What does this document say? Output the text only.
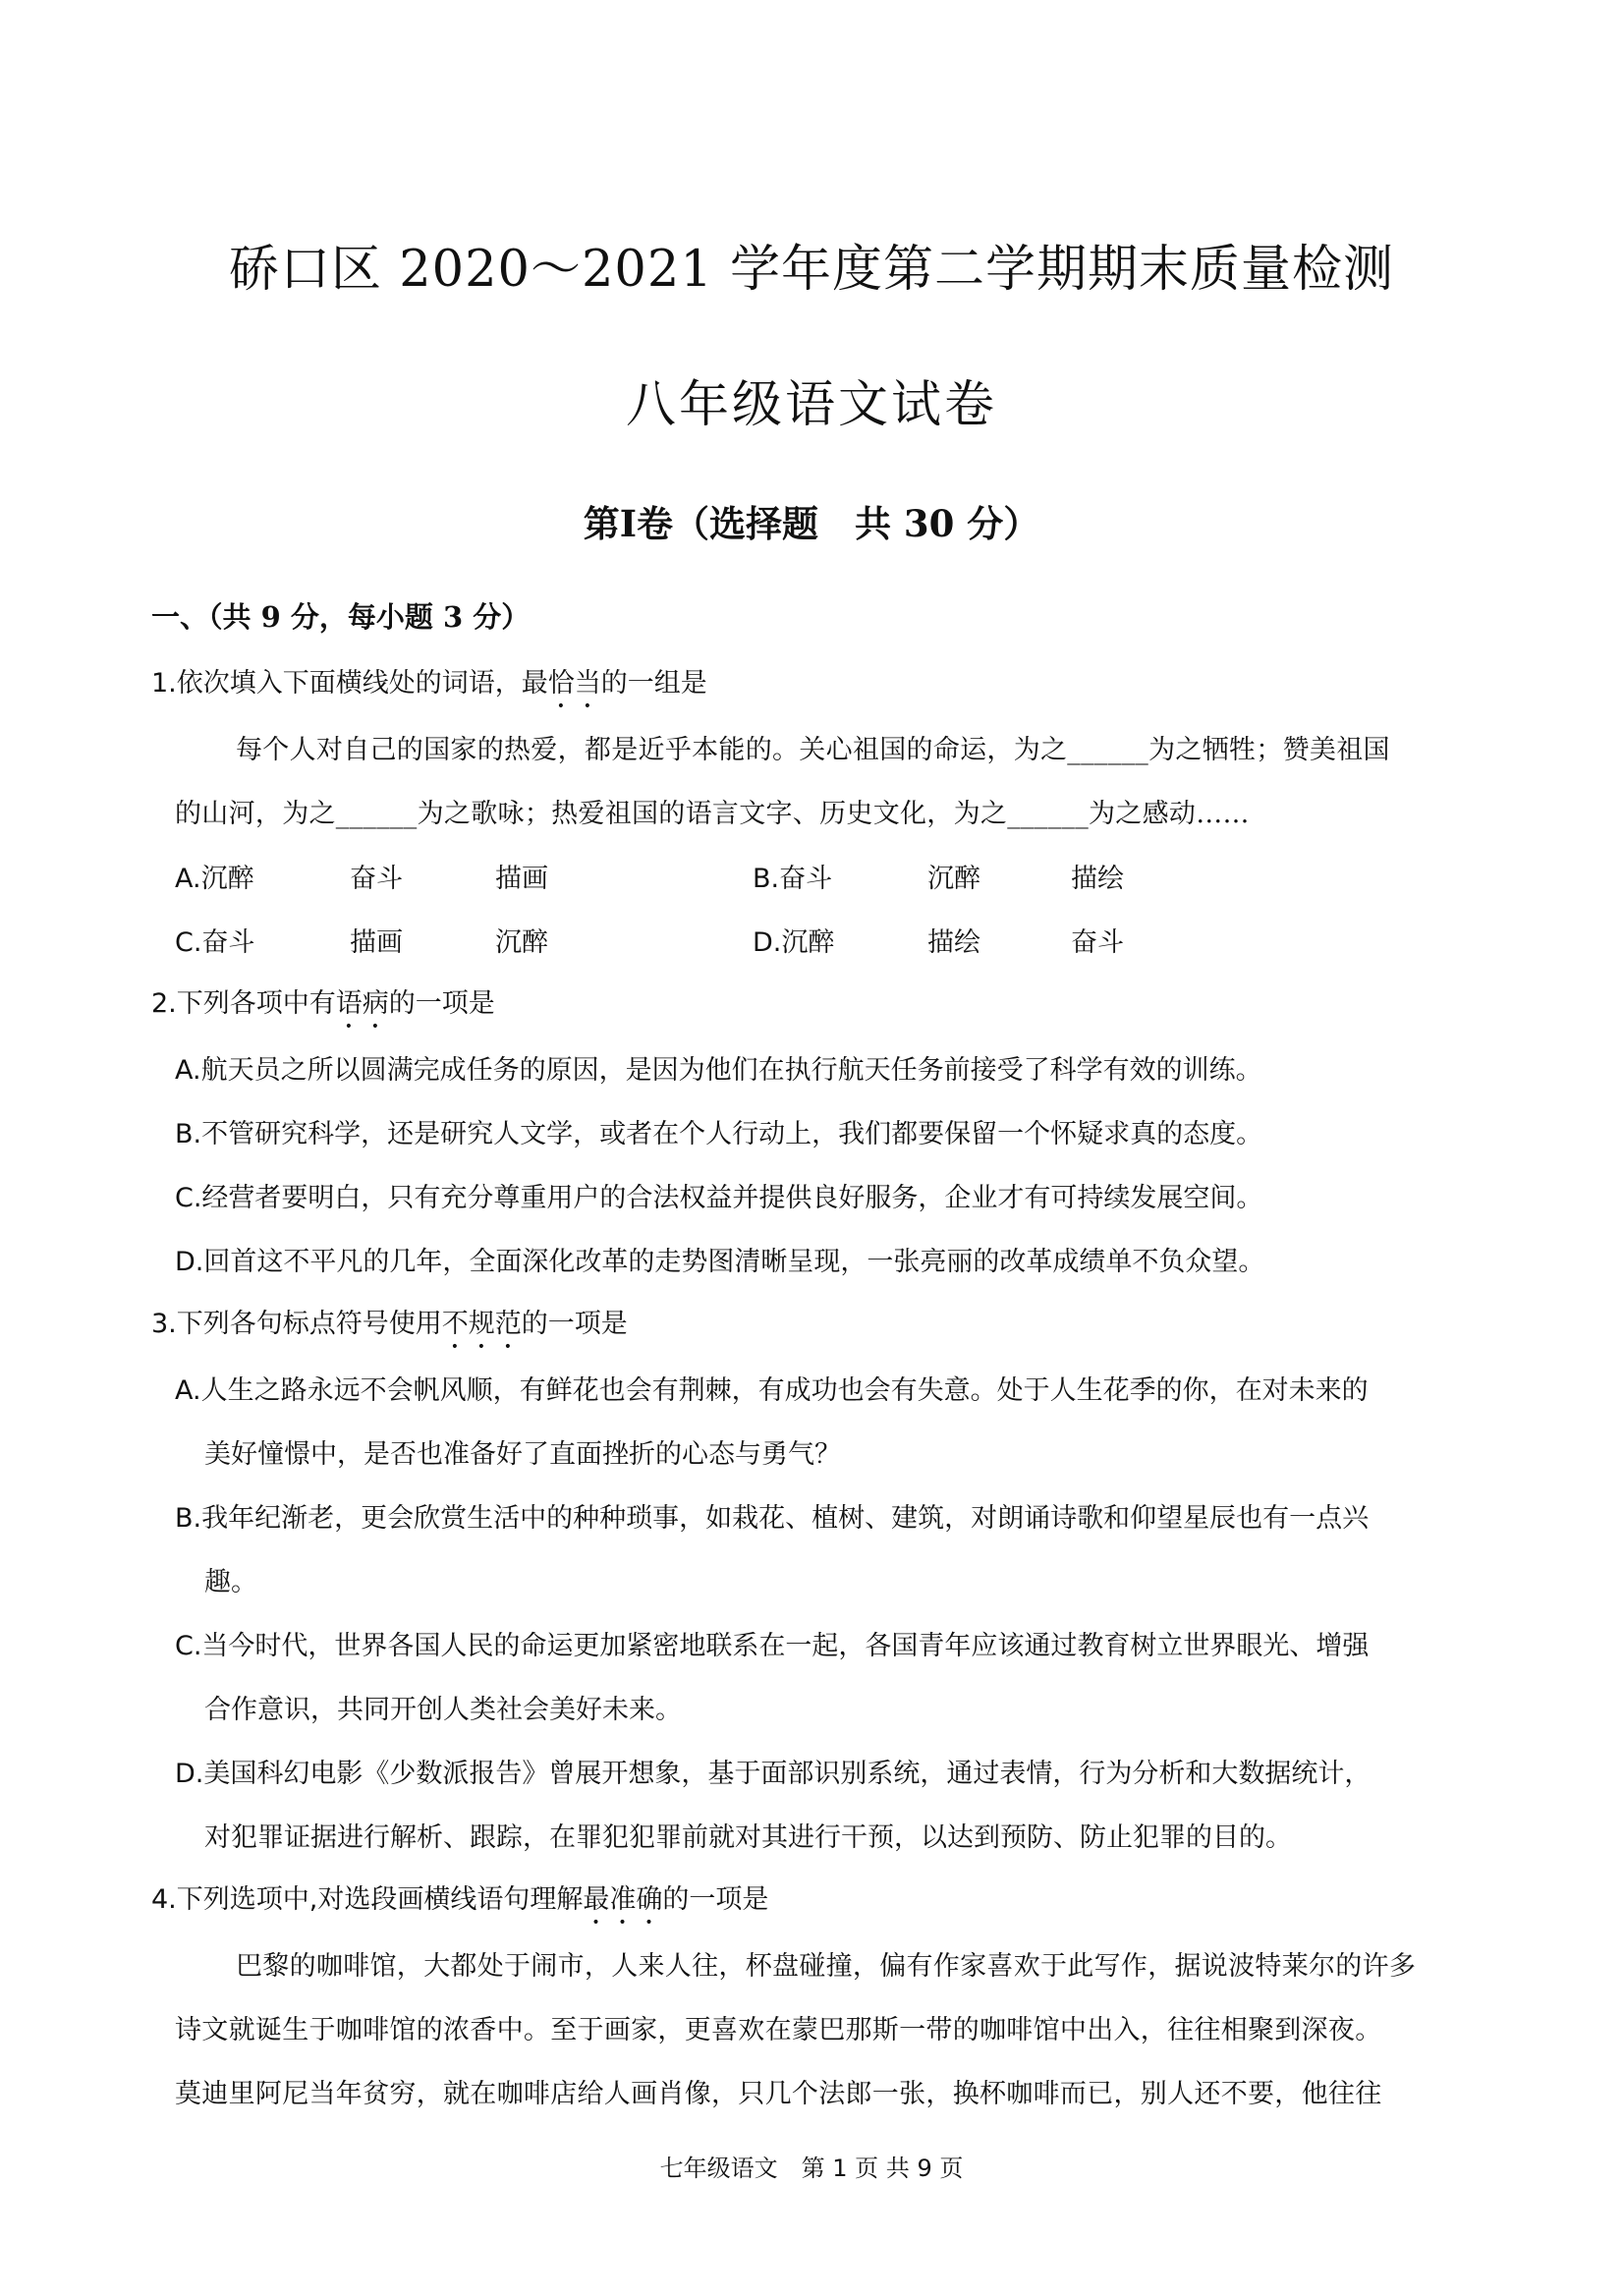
硚口区 2020～2021 学年度第二学期期末质量检测
八年级语文试卷
第Ⅰ卷（选择题　共 30 分）
一、（共 9 分，每小题 3 分）
1.依次填入下面横线处的词语，最恰当的一组是
每个人对自己的国家的热爱，都是近乎本能的。关心祖国的命运，为之______为之牺牲；赞美祖国
的山河，为之______为之歌咏；热爱祖国的语言文字、历史文化，为之______为之感动……
A.沉醉	奋斗	描画	B.奋斗	沉醉	描绘
C.奋斗	描画	沉醉	D.沉醉	描绘	奋斗
2.下列各项中有语病的一项是
A.航天员之所以圆满完成任务的原因，是因为他们在执行航天任务前接受了科学有效的训练。
B.不管研究科学，还是研究人文学，或者在个人行动上，我们都要保留一个怀疑求真的态度。
C.经营者要明白，只有充分尊重用户的合法权益并提供良好服务，企业才有可持续发展空间。
D.回首这不平凡的几年，全面深化改革的走势图清晰呈现，一张亮丽的改革成绩单不负众望。
3.下列各句标点符号使用不规范的一项是
A.人生之路永远不会帆风顺，有鲜花也会有荆棘，有成功也会有失意。处于人生花季的你，在对未来的
美好憧憬中，是否也准备好了直面挫折的心态与勇气？
B.我年纪渐老，更会欣赏生活中的种种琐事，如栽花、植树、建筑，对朗诵诗歌和仰望星辰也有一点兴
趣。
C.当今时代，世界各国人民的命运更加紧密地联系在一起，各国青年应该通过教育树立世界眼光、增强
合作意识，共同开创人类社会美好未来。
D.美国科幻电影《少数派报告》曾展开想象，基于面部识别系统，通过表情，行为分析和大数据统计，
对犯罪证据进行解析、跟踪，在罪犯犯罪前就对其进行干预，以达到预防、防止犯罪的目的。
4.下列选项中,对选段画横线语句理解最准确的一项是
巴黎的咖啡馆，大都处于闹市，人来人往，杯盘碰撞，偏有作家喜欢于此写作，据说波特莱尔的许多
诗文就诞生于咖啡馆的浓香中。至于画家，更喜欢在蒙巴那斯一带的咖啡馆中出入，往往相聚到深夜。
莫迪里阿尼当年贫穷，就在咖啡店给人画肖像，只几个法郎一张，换杯咖啡而已，别人还不要，他往往
七年级语文　第 1 页 共 9 页
